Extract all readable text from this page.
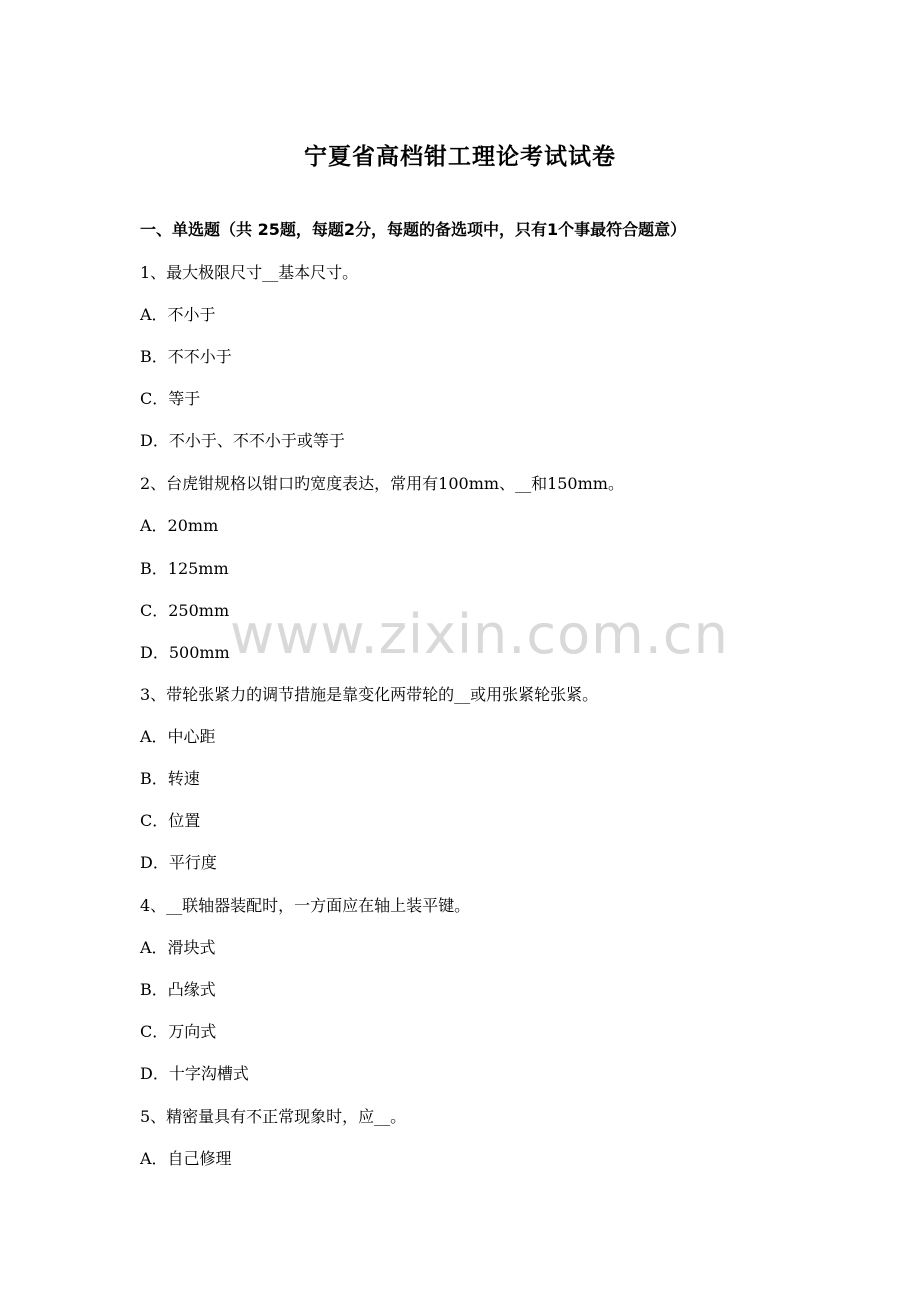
宁夏省高档钳工理论考试试卷
一、单选题（共 25题，每题2分，每题的备选项中，只有1个事最符合题意）
1、最大极限尺寸__基本尺寸。
A．不小于
B．不不小于
C．等于
D．不小于、不不小于或等于
2、台虎钳规格以钳口旳宽度表达，常用有100mm、__和150mm。
A．20mm
B．125mm
C．250mm
D．500mm
3、带轮张紧力的调节措施是靠变化两带轮的__或用张紧轮张紧。
A．中心距
B．转速
C．位置
D．平行度
4、__联轴器装配时，一方面应在轴上装平键。
A．滑块式
B．凸缘式
C．万向式
D．十字沟槽式
5、精密量具有不正常现象时，应__。
A．自己修理
www.zixin.com.cn
